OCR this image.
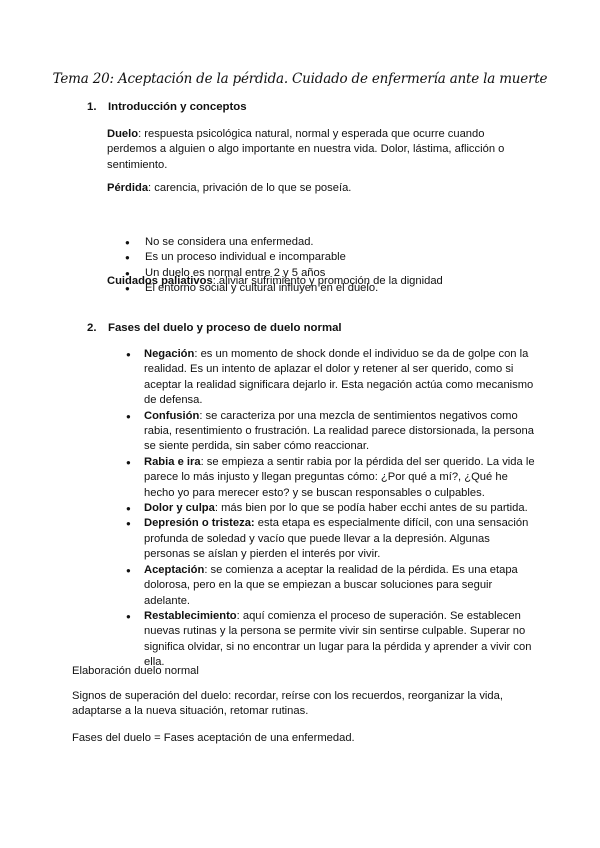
Tema 20: Aceptación de la pérdida. Cuidado de enfermería ante la muerte
1. Introducción y conceptos
Duelo: respuesta psicológica natural, normal y esperada que ocurre cuando perdemos a alguien o algo importante en nuestra vida. Dolor, lástima, aflicción o sentimiento.
Pérdida: carencia, privación de lo que se poseía.
● No se considera una enfermedad.
● Es un proceso individual e incomparable
● Un duelo es normal entre 2 y 5 años
● El entorno social y cultural influyen en el duelo.
Cuidados paliativos: aliviar sufrimiento y promoción de la dignidad
2. Fases del duelo y proceso de duelo normal
● Negación: es un momento de shock donde el individuo se da de golpe con la realidad. Es un intento de aplazar el dolor y retener al ser querido, como si aceptar la realidad significara dejarlo ir. Esta negación actúa como mecanismo de defensa.
● Confusión: se caracteriza por una mezcla de sentimientos negativos como rabia, resentimiento o frustración. La realidad parece distorsionada, la persona se siente perdida, sin saber cómo reaccionar.
● Rabia e ira: se empieza a sentir rabia por la pérdida del ser querido. La vida le parece lo más injusto y llegan preguntas cómo: ¿Por qué a mí?, ¿Qué he hecho yo para merecer esto? y se buscan responsables o culpables.
● Dolor y culpa: más bien por lo que se podía haber ecchi antes de su partida.
● Depresión o tristeza: esta etapa es especialmente difícil, con una sensación profunda de soledad y vacío que puede llevar a la depresión. Algunas personas se aíslan y pierden el interés por vivir.
● Aceptación: se comienza a aceptar la realidad de la pérdida. Es una etapa dolorosa, pero en la que se empiezan a buscar soluciones para seguir adelante.
● Restablecimiento: aquí comienza el proceso de superación. Se establecen nuevas rutinas y la persona se permite vivir sin sentirse culpable. Superar no significa olvidar, si no encontrar un lugar para la pérdida y aprender a vivir con ella.
Elaboración duelo normal
Signos de superación del duelo: recordar, reírse con los recuerdos, reorganizar la vida, adaptarse a la nueva situación, retomar rutinas.
Fases del duelo = Fases aceptación de una enfermedad.
